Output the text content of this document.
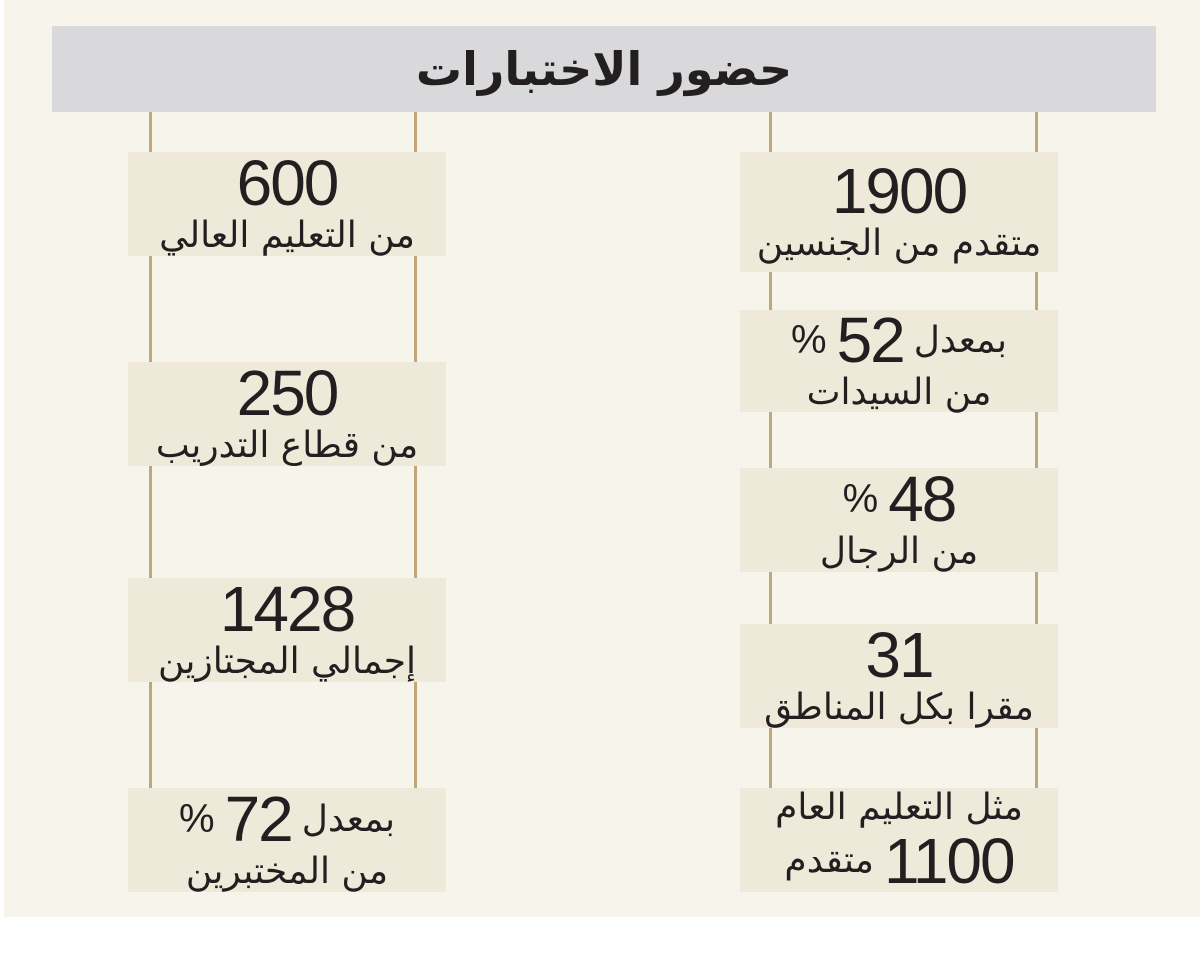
حضور الاختبارات
1900
متقدم من الجنسين
بمعدل
52
%
من السيدات
48
%
من الرجال
31
مقرا بكل المناطق
مثل التعليم العام
1100
متقدم
600
من التعليم العالي
250
من قطاع التدريب
1428
إجمالي المجتازين
بمعدل
72
%
من المختبرين
